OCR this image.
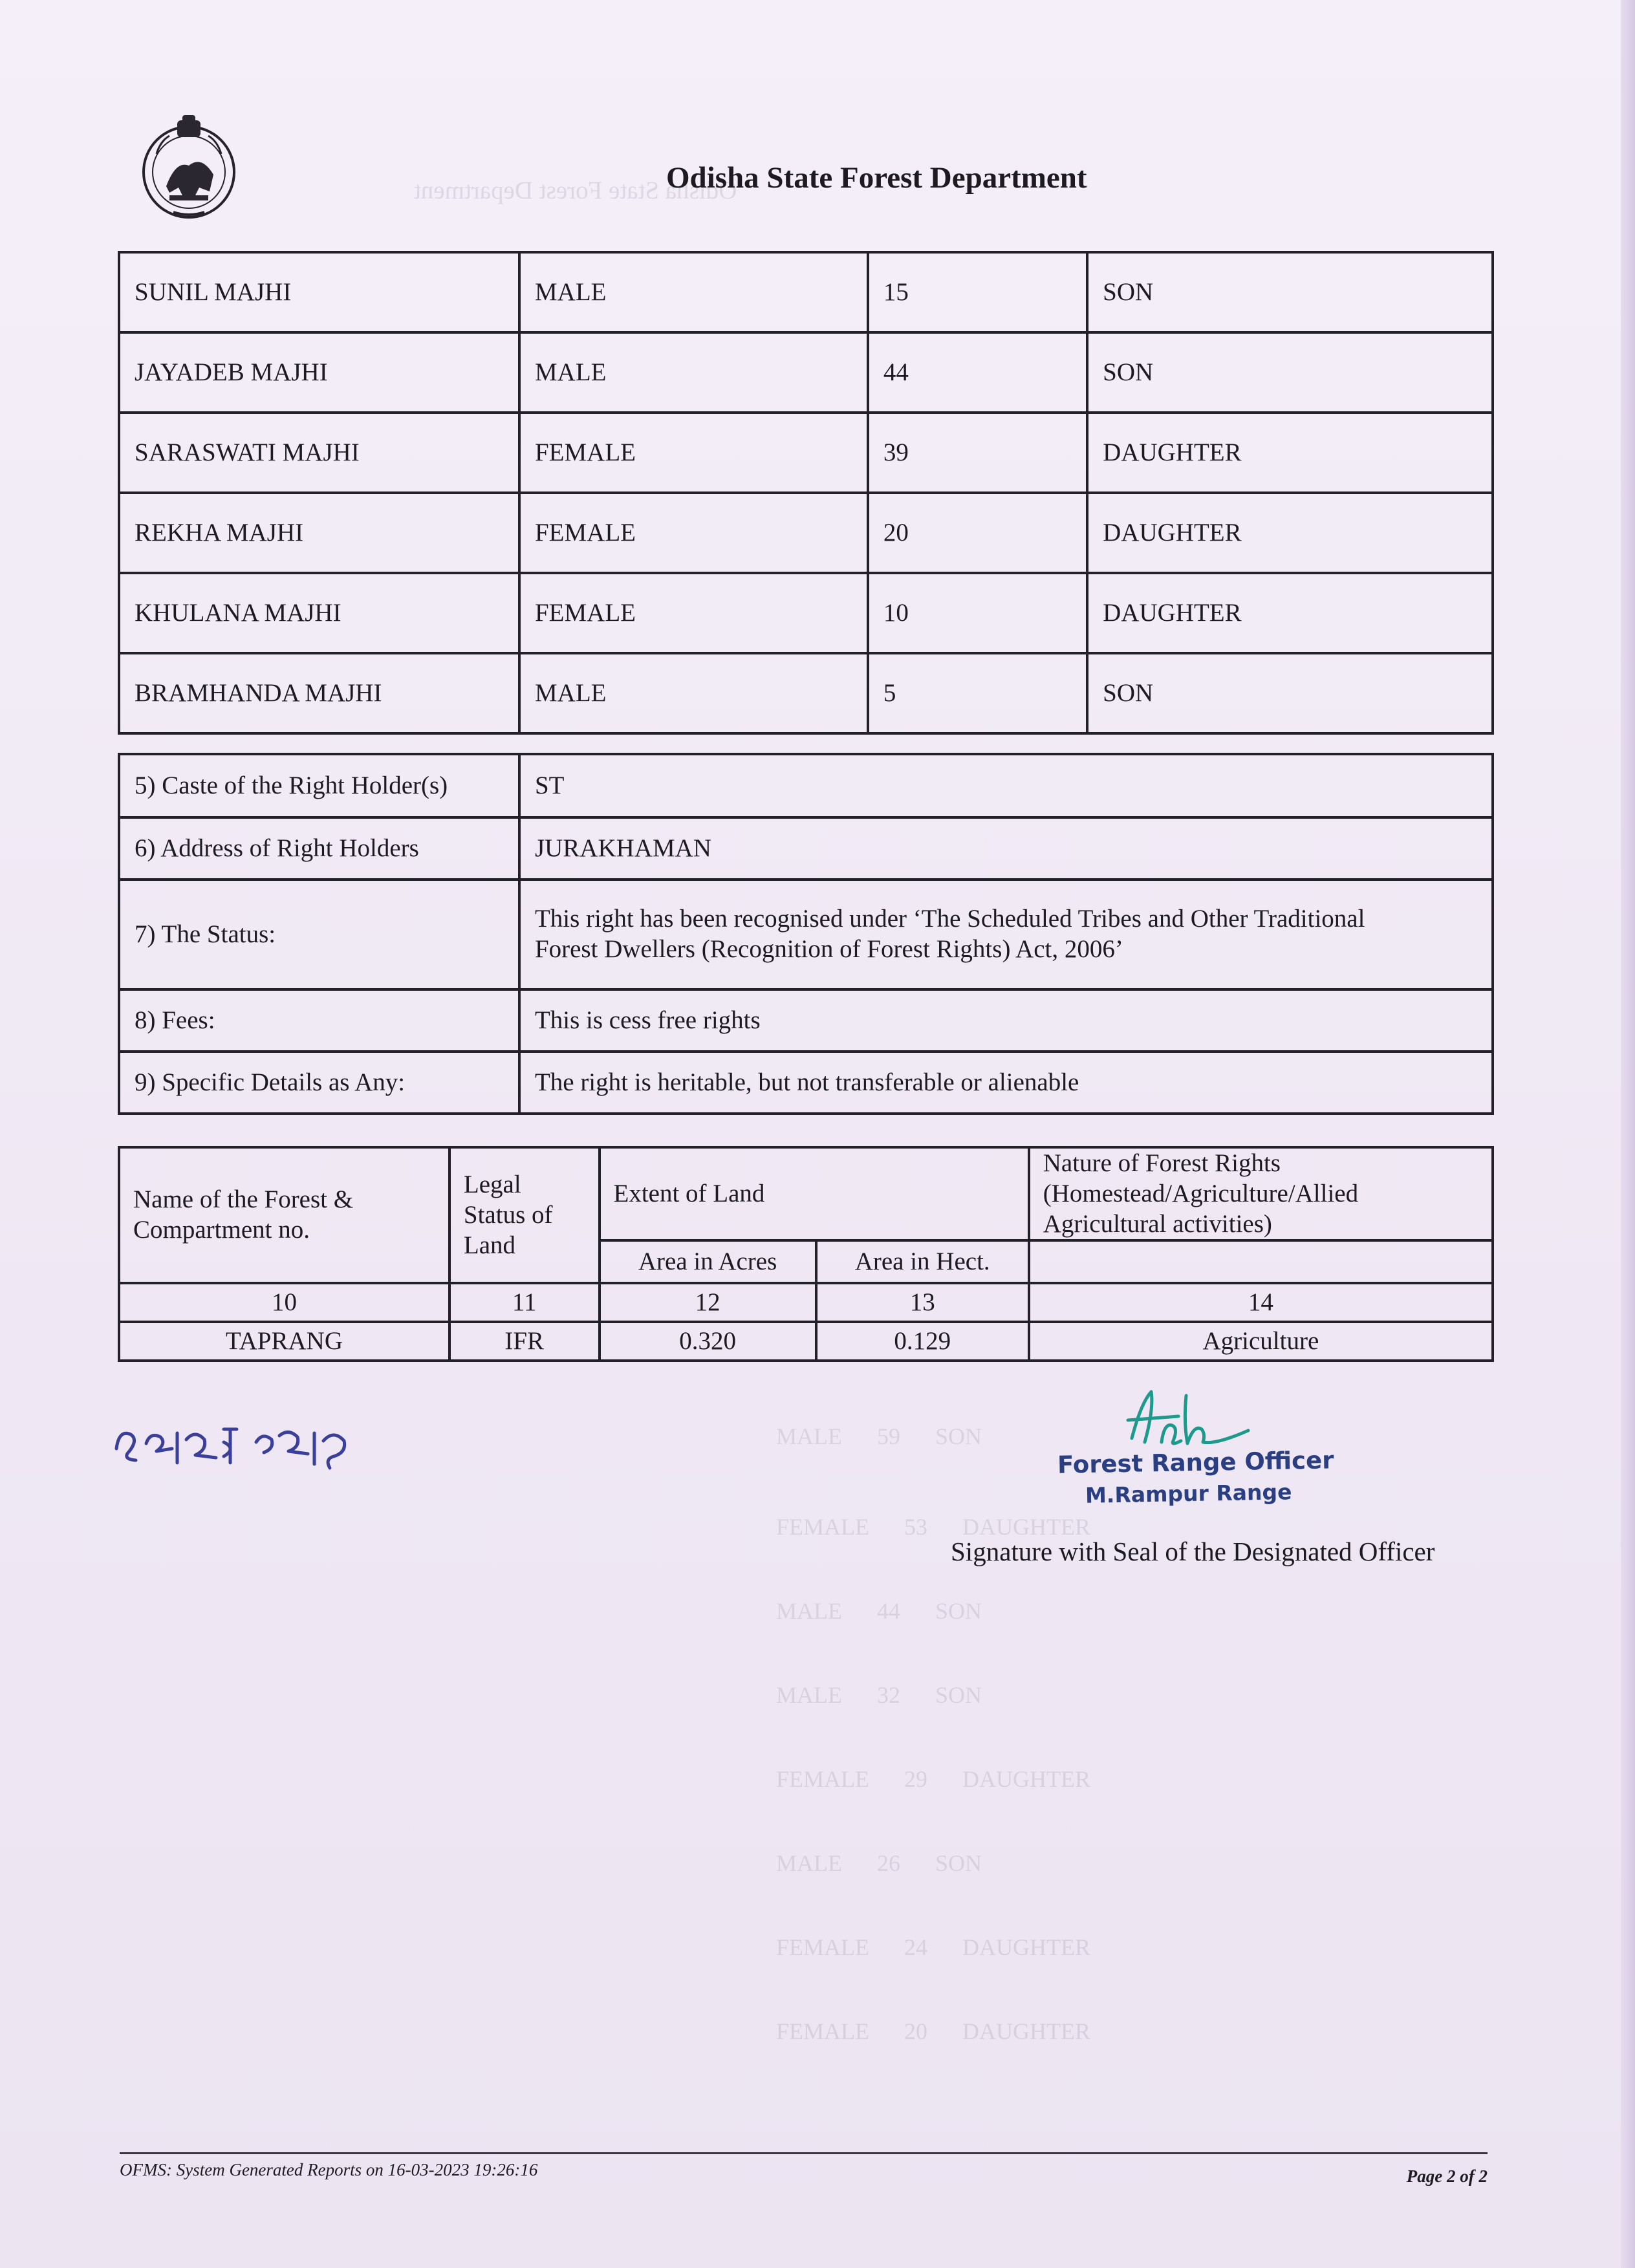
Odisha State Forest Department
MALE      59      SON
FEMALE      53      DAUGHTER
MALE      44      SON
MALE      32      SON
FEMALE      29      DAUGHTER
MALE      26      SON
FEMALE      24      DAUGHTER
FEMALE      20      DAUGHTER
Odisha State Forest Department
SUNIL MAJHI	MALE	15	SON
JAYADEB MAJHI	MALE	44	SON
SARASWATI MAJHI	FEMALE	39	DAUGHTER
REKHA MAJHI	FEMALE	20	DAUGHTER
KHULANA MAJHI	FEMALE	10	DAUGHTER
BRAMHANDA MAJHI	MALE	5	SON
5) Caste of the Right Holder(s)	ST
6) Address of Right Holders	JURAKHAMAN
7) The Status:	This right has been recognised under ‘The Scheduled Tribes and Other Traditional
Forest Dwellers (Recognition of Forest Rights) Act, 2006’

8) Fees:	This is cess free rights
9) Specific Details as Any:	The right is heritable, but not transferable or alienable
Name of the Forest & Compartment no.	Legal Status of Land	Extent of Land		Nature of Forest Rights (Homestead/Agriculture/Allied Agricultural activities)
		Area in Acres	Area in Hect.	
10	11	12	13	14
TAPRANG	IFR	0.320	0.129	Agriculture
Forest Range Officer
M.Rampur Range
Signature with Seal of the Designated Officer
OFMS: System Generated Reports on 16-03-2023 19:26:16	Page 2 of 2
